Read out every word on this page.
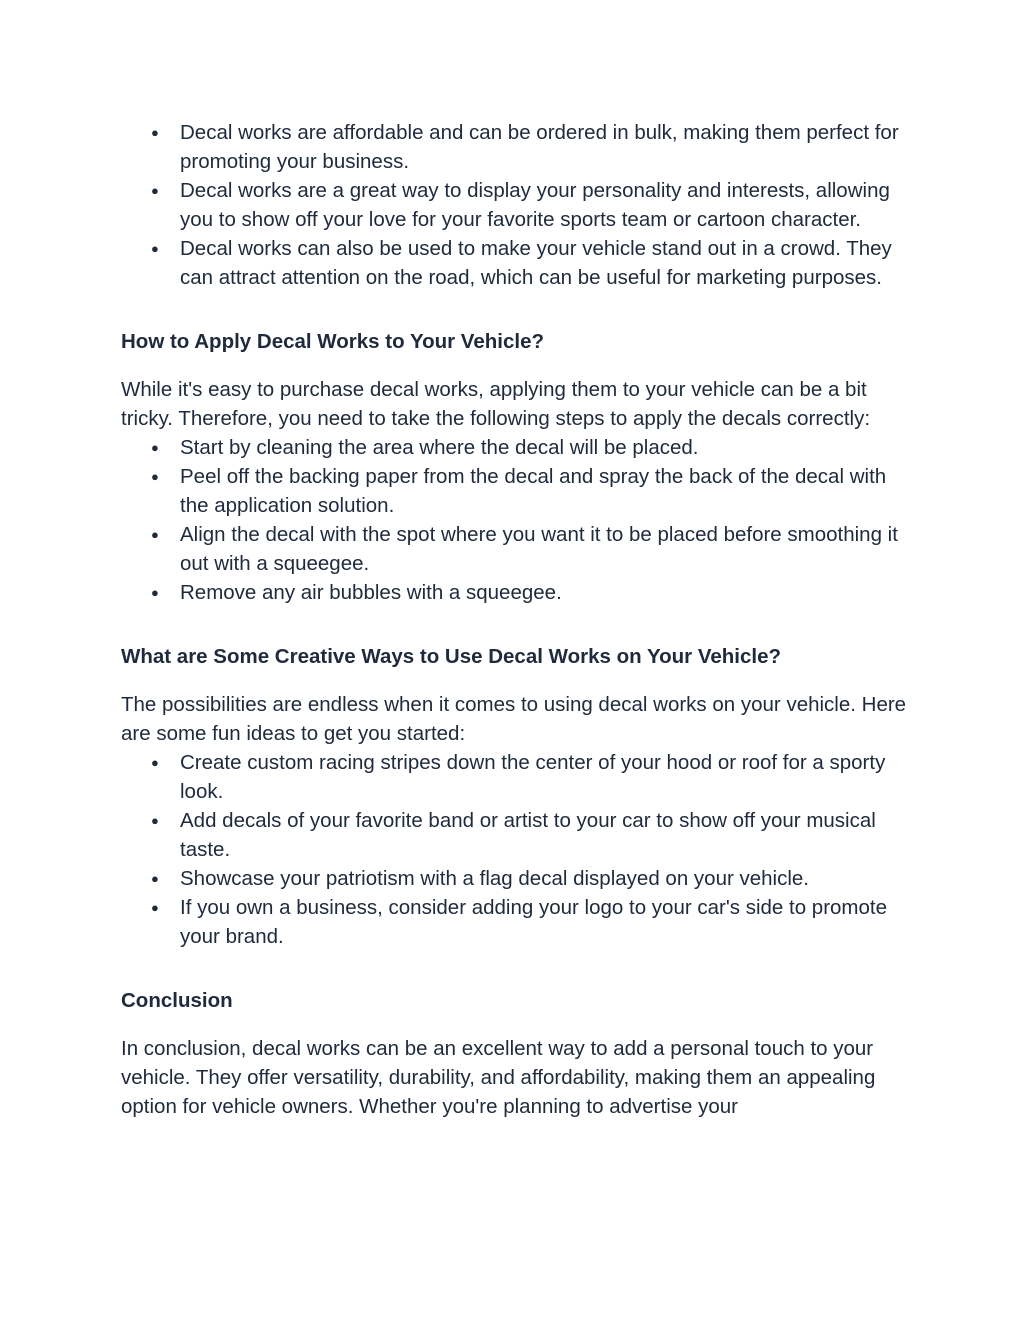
● Decal works are affordable and can be ordered in bulk, making them perfect for promoting your business.
● Decal works are a great way to display your personality and interests, allowing you to show off your love for your favorite sports team or cartoon character.
● Decal works can also be used to make your vehicle stand out in a crowd. They can attract attention on the road, which can be useful for marketing purposes.
How to Apply Decal Works to Your Vehicle?

While it's easy to purchase decal works, applying them to your vehicle can be a bit tricky. Therefore, you need to take the following steps to apply the decals correctly:

● Start by cleaning the area where the decal will be placed.
● Peel off the backing paper from the decal and spray the back of the decal with the application solution.
● Align the decal with the spot where you want it to be placed before smoothing it out with a squeegee.
● Remove any air bubbles with a squeegee.
What are Some Creative Ways to Use Decal Works on Your Vehicle?

The possibilities are endless when it comes to using decal works on your vehicle. Here are some fun ideas to get you started:

● Create custom racing stripes down the center of your hood or roof for a sporty look.
● Add decals of your favorite band or artist to your car to show off your musical taste.
● Showcase your patriotism with a flag decal displayed on your vehicle.
● If you own a business, consider adding your logo to your car's side to promote your brand.
Conclusion

In conclusion, decal works can be an excellent way to add a personal touch to your vehicle. They offer versatility, durability, and affordability, making them an appealing option for vehicle owners. Whether you're planning to advertise your
